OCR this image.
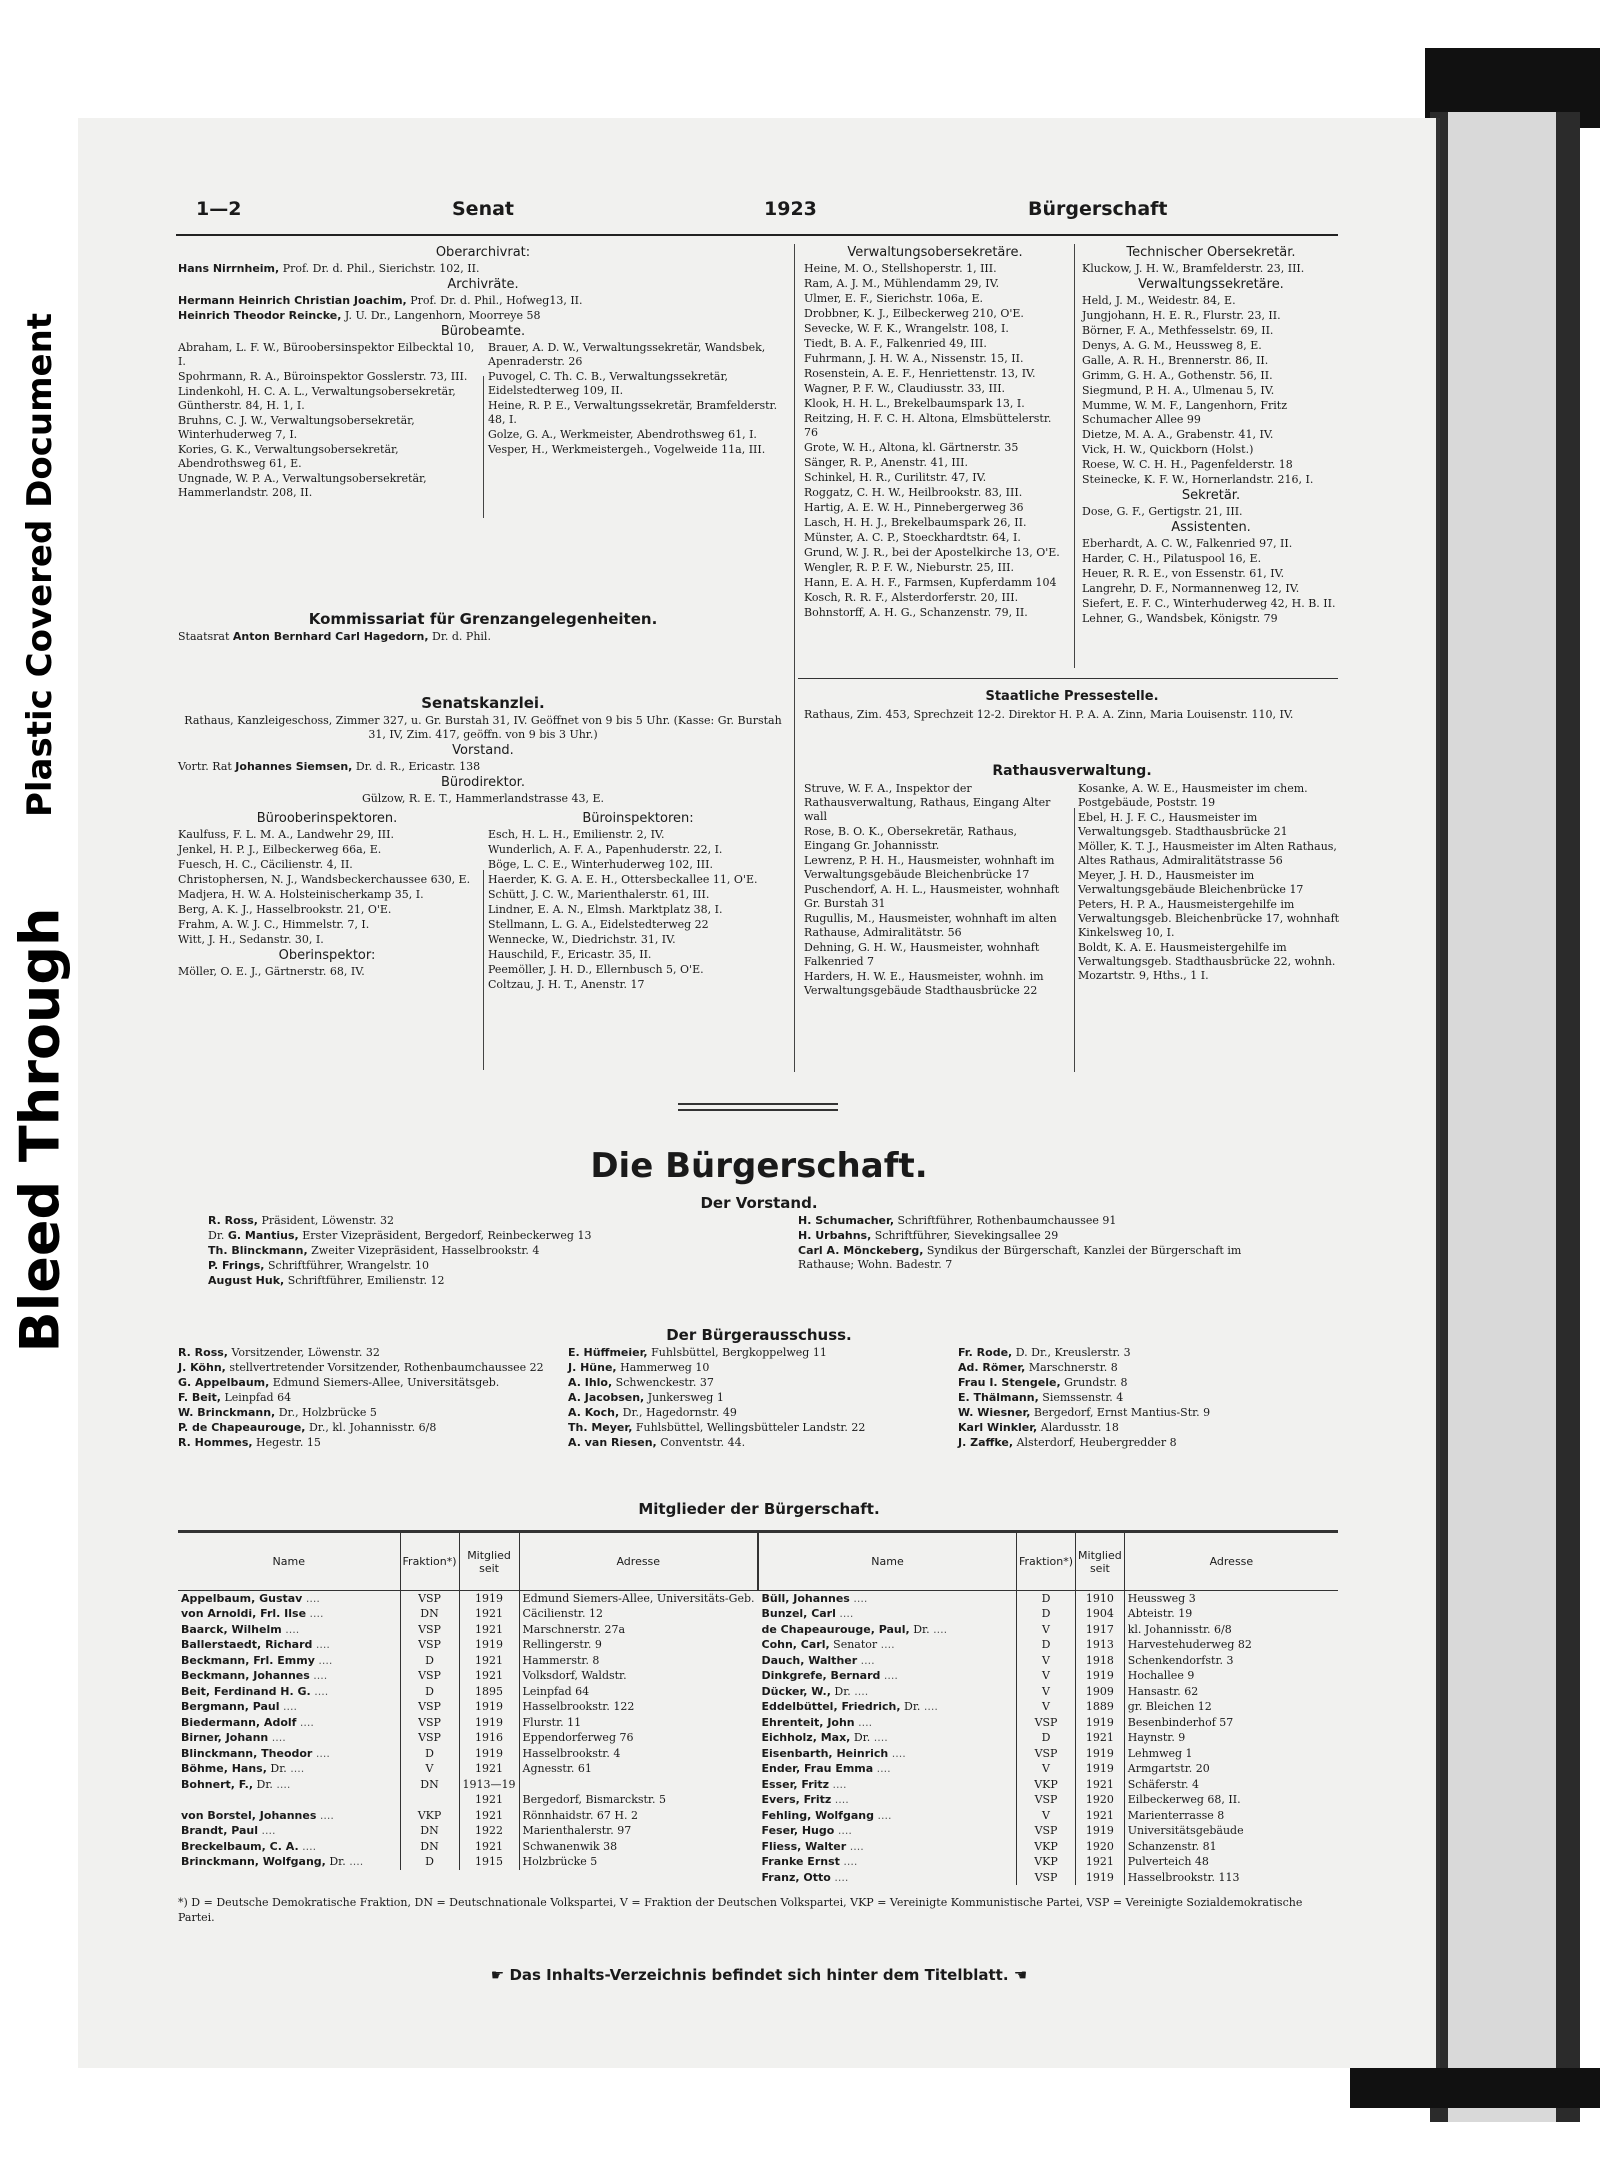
Bleed Through
Plastic Covered Document
1—2	Senat	1923	Bürgerschaft
Oberarchivrat:
Hans Nirrnheim, Prof. Dr. d. Phil., Sierichstr. 102, II.
Archivräte.
Hermann Heinrich Christian Joachim, Prof. Dr. d. Phil., Hofweg13, II.
Heinrich Theodor Reincke, J. U. Dr., Langenhorn, Moorreye 58
Bürobeamte.
Abraham, L. F. W., Büroobersinspektor Eilbecktal 10, I.
Spohrmann, R. A., Büroinspektor Gosslerstr. 73, III.
Lindenkohl, H. C. A. L., Verwaltungsobersekretär, Güntherstr. 84, H. 1, I.
Bruhns, C. J. W., Verwaltungsobersekretär, Winterhuderweg 7, I.
Kories, G. K., Verwaltungsobersekretär, Abendrothsweg 61, E.
Ungnade, W. P. A., Verwaltungsobersekretär, Hammerlandstr. 208, II.
Brauer, A. D. W., Verwaltungssekretär, Wandsbek, Apenraderstr. 26
Puvogel, C. Th. C. B., Verwaltungssekretär, Eidelstedterweg 109, II.
Heine, R. P. E., Verwaltungssekretär, Bramfelderstr. 48, I.
Golze, G. A., Werkmeister, Abendrothsweg 61, I.
Vesper, H., Werkmeistergeh., Vogelweide 11a, III.
Kommissariat für Grenzangelegenheiten.
Staatsrat Anton Bernhard Carl Hagedorn, Dr. d. Phil.
Senatskanzlei.
Rathaus, Kanzleigeschoss, Zimmer 327, u. Gr. Burstah 31, IV. Geöffnet von 9 bis 5 Uhr. (Kasse: Gr. Burstah 31, IV, Zim. 417, geöffn. von 9 bis 3 Uhr.)
Vorstand.
Vortr. Rat Johannes Siemsen, Dr. d. R., Ericastr. 138
Bürodirektor.
Gülzow, R. E. T., Hammerlandstrasse 43, E.
Bürooberinspektoren.
Kaulfuss, F. L. M. A., Landwehr 29, III.
Jenkel, H. P. J., Eilbeckerweg 66a, E.
Fuesch, H. C., Cäcilienstr. 4, II.
Christophersen, N. J., Wandsbeckerchaussee 630, E.
Madjera, H. W. A. Holsteinischerkamp 35, I.
Berg, A. K. J., Hasselbrookstr. 21, O'E.
Frahm, A. W. J. C., Himmelstr. 7, I.
Witt, J. H., Sedanstr. 30, I.
Oberinspektor:
Möller, O. E. J., Gärtnerstr. 68, IV.
Büroinspektoren:
Esch, H. L. H., Emilienstr. 2, IV.
Wunderlich, A. F. A., Papenhuderstr. 22, I.
Böge, L. C. E., Winterhuderweg 102, III.
Haerder, K. G. A. E. H., Ottersbeckallee 11, O'E.
Schütt, J. C. W., Marienthalerstr. 61, III.
Lindner, E. A. N., Elmsh. Marktplatz 38, I.
Stellmann, L. G. A., Eidelstedterweg 22
Wennecke, W., Diedrichstr. 31, IV.
Hauschild, F., Ericastr. 35, II.
Peemöller, J. H. D., Ellernbusch 5, O'E.
Coltzau, J. H. T., Anenstr. 17
Verwaltungsobersekretäre.
Heine, M. O., Stellshoperstr. 1, III.
Ram, A. J. M., Mühlendamm 29, IV.
Ulmer, E. F., Sierichstr. 106a, E.
Drobbner, K. J., Eilbeckerweg 210, O'E.
Sevecke, W. F. K., Wrangelstr. 108, I.
Tiedt, B. A. F., Falkenried 49, III.
Fuhrmann, J. H. W. A., Nissenstr. 15, II.
Rosenstein, A. E. F., Henriettenstr. 13, IV.
Wagner, P. F. W., Claudiusstr. 33, III.
Klook, H. H. L., Brekelbaumspark 13, I.
Reitzing, H. F. C. H. Altona, Elmsbüttelerstr. 76
Grote, W. H., Altona, kl. Gärtnerstr. 35
Sänger, R. P., Anenstr. 41, III.
Schinkel, H. R., Curilitstr. 47, IV.
Roggatz, C. H. W., Heilbrookstr. 83, III.
Hartig, A. E. W. H., Pinnebergerweg 36
Lasch, H. H. J., Brekelbaumspark 26, II.
Münster, A. C. P., Stoeckhardtstr. 64, I.
Grund, W. J. R., bei der Apostelkirche 13, O'E.
Wengler, R. P. F. W., Nieburstr. 25, III.
Hann, E. A. H. F., Farmsen, Kupferdamm 104
Kosch, R. R. F., Alsterdorferstr. 20, III.
Bohnstorff, A. H. G., Schanzenstr. 79, II.
Technischer Obersekretär.
Kluckow, J. H. W., Bramfelderstr. 23, III.
Verwaltungssekretäre.
Held, J. M., Weidestr. 84, E.
Jungjohann, H. E. R., Flurstr. 23, II.
Börner, F. A., Methfesselstr. 69, II.
Denys, A. G. M., Heussweg 8, E.
Galle, A. R. H., Brennerstr. 86, II.
Grimm, G. H. A., Gothenstr. 56, II.
Siegmund, P. H. A., Ulmenau 5, IV.
Mumme, W. M. F., Langenhorn, Fritz Schumacher Allee 99
Dietze, M. A. A., Grabenstr. 41, IV.
Vick, H. W., Quickborn (Holst.)
Roese, W. C. H. H., Pagenfelderstr. 18
Steinecke, K. F. W., Hornerlandstr. 216, I.
Sekretär.
Dose, G. F., Gertigstr. 21, III.
Assistenten.
Eberhardt, A. C. W., Falkenried 97, II.
Harder, C. H., Pilatuspool 16, E.
Heuer, R. R. E., von Essenstr. 61, IV.
Langrehr, D. F., Normannenweg 12, IV.
Siefert, E. F. C., Winterhuderweg 42, H. B. II.
Lehner, G., Wandsbek, Königstr. 79
Staatliche Pressestelle.
Rathaus, Zim. 453, Sprechzeit 12-2. Direktor H. P. A. A. Zinn, Maria Louisenstr. 110, IV.
Rathausverwaltung.
Struve, W. F. A., Inspektor der Rathausverwaltung, Rathaus, Eingang Alter wall
Rose, B. O. K., Obersekretär, Rathaus, Eingang Gr. Johannisstr.
Lewrenz, P. H. H., Hausmeister, wohnhaft im Verwaltungsgebäude Bleichenbrücke 17
Puschendorf, A. H. L., Hausmeister, wohnhaft Gr. Burstah 31
Rugullis, M., Hausmeister, wohnhaft im alten Rathause, Admiralitätstr. 56
Dehning, G. H. W., Hausmeister, wohnhaft Falkenried 7
Harders, H. W. E., Hausmeister, wohnh. im Verwaltungsgebäude Stadthausbrücke 22
Kosanke, A. W. E., Hausmeister im chem. Postgebäude, Poststr. 19
Ebel, H. J. F. C., Hausmeister im Verwaltungsgeb. Stadthausbrücke 21
Möller, K. T. J., Hausmeister im Alten Rathaus, Altes Rathaus, Admiralitätstrasse 56
Meyer, J. H. D., Hausmeister im Verwaltungsgebäude Bleichenbrücke 17
Peters, H. P. A., Hausmeistergehilfe im Verwaltungsgeb. Bleichenbrücke 17, wohnhaft Kinkelsweg 10, I.
Boldt, K. A. E. Hausmeistergehilfe im Verwaltungsgeb. Stadthausbrücke 22, wohnh. Mozartstr. 9, Hths., 1 I.
Die Bürgerschaft.
Der Vorstand.
R. Ross, Präsident, Löwenstr. 32
Dr. G. Mantius, Erster Vizepräsident, Bergedorf, Reinbeckerweg 13
Th. Blinckmann, Zweiter Vizepräsident, Hasselbrookstr. 4
P. Frings, Schriftführer, Wrangelstr. 10
August Huk, Schriftführer, Emilienstr. 12
H. Schumacher, Schriftführer, Rothenbaumchaussee 91
H. Urbahns, Schriftführer, Sievekingsallee 29
Carl A. Mönckeberg, Syndikus der Bürgerschaft, Kanzlei der Bürgerschaft im Rathause; Wohn. Badestr. 7
Der Bürgerausschuss.
R. Ross, Vorsitzender, Löwenstr. 32
J. Köhn, stellvertretender Vorsitzender, Rothenbaumchaussee 22
G. Appelbaum, Edmund Siemers-Allee, Universitätsgeb.
F. Beit, Leinpfad 64
W. Brinckmann, Dr., Holzbrücke 5
P. de Chapeaurouge, Dr., kl. Johannisstr. 6/8
R. Hommes, Hegestr. 15
E. Hüffmeier, Fuhlsbüttel, Bergkoppelweg 11
J. Hüne, Hammerweg 10
A. Ihlo, Schwenckestr. 37
A. Jacobsen, Junkersweg 1
A. Koch, Dr., Hagedornstr. 49
Th. Meyer, Fuhlsbüttel, Wellingsbütteler Landstr. 22
A. van Riesen, Conventstr. 44.
Fr. Rode, D. Dr., Kreuslerstr. 3
Ad. Römer, Marschnerstr. 8
Frau I. Stengele, Grundstr. 8
E. Thälmann, Siemssenstr. 4
W. Wiesner, Bergedorf, Ernst Mantius-Str. 9
Karl Winkler, Alardusstr. 18
J. Zaffke, Alsterdorf, Heubergredder 8
Mitglieder der Bürgerschaft.
Name	Fraktion*)	Mitglied seit	Adresse
Appelbaum, Gustav ....	VSP	1919	Edmund Siemers-Allee, Universitäts-Geb.
von Arnoldi, Frl. Ilse ....	DN	1921	Cäcilienstr. 12
Baarck, Wilhelm ....	VSP	1921	Marschnerstr. 27a
Ballerstaedt, Richard ....	VSP	1919	Rellingerstr. 9
Beckmann, Frl. Emmy ....	D	1921	Hammerstr. 8
Beckmann, Johannes ....	VSP	1921	Volksdorf, Waldstr.
Beit, Ferdinand H. G. ....	D	1895	Leinpfad 64
Bergmann, Paul ....	VSP	1919	Hasselbrookstr. 122
Biedermann, Adolf ....	VSP	1919	Flurstr. 11
Birner, Johann ....	VSP	1916	Eppendorferweg 76
Blinckmann, Theodor ....	D	1919	Hasselbrookstr. 4
Böhme, Hans, Dr. ....	V	1921	Agnesstr. 61
Bohnert, F., Dr. ....	DN	1913—19	
		1921	Bergedorf, Bismarckstr. 5
von Borstel, Johannes ....	VKP	1921	Rönnhaidstr. 67 H. 2
Brandt, Paul ....	DN	1922	Marienthalerstr. 97
Breckelbaum, C. A. ....	DN	1921	Schwanenwik 38
Brinckmann, Wolfgang, Dr. ....	D	1915	Holzbrücke 5
Name	Fraktion*)	Mitglied seit	Adresse
Büll, Johannes ....	D	1910	Heussweg 3
Bunzel, Carl ....	D	1904	Abteistr. 19
de Chapeaurouge, Paul, Dr. ....	V	1917	kl. Johannisstr. 6/8
Cohn, Carl, Senator ....	D	1913	Harvestehuderweg 82
Dauch, Walther ....	V	1918	Schenkendorfstr. 3
Dinkgrefe, Bernard ....	V	1919	Hochallee 9
Dücker, W., Dr. ....	V	1909	Hansastr. 62
Eddelbüttel, Friedrich, Dr. ....	V	1889	gr. Bleichen 12
Ehrenteit, John ....	VSP	1919	Besenbinderhof 57
Eichholz, Max, Dr. ....	D	1921	Haynstr. 9
Eisenbarth, Heinrich ....	VSP	1919	Lehmweg 1
Ender, Frau Emma ....	V	1919	Armgartstr. 20
Esser, Fritz ....	VKP	1921	Schäferstr. 4
Evers, Fritz ....	VSP	1920	Eilbeckerweg 68, II.
Fehling, Wolfgang ....	V	1921	Marienterrasse 8
Feser, Hugo ....	VSP	1919	Universitätsgebäude
Fliess, Walter ....	VKP	1920	Schanzenstr. 81
Franke Ernst ....	VKP	1921	Pulverteich 48
Franz, Otto ....	VSP	1919	Hasselbrookstr. 113
*) D = Deutsche Demokratische Fraktion, DN = Deutschnationale Volkspartei, V = Fraktion der Deutschen Volkspartei, VKP = Vereinigte Kommunistische Partei, VSP = Vereinigte Sozialdemokratische Partei.
☛ Das Inhalts-Verzeichnis befindet sich hinter dem Titelblatt. ☚
